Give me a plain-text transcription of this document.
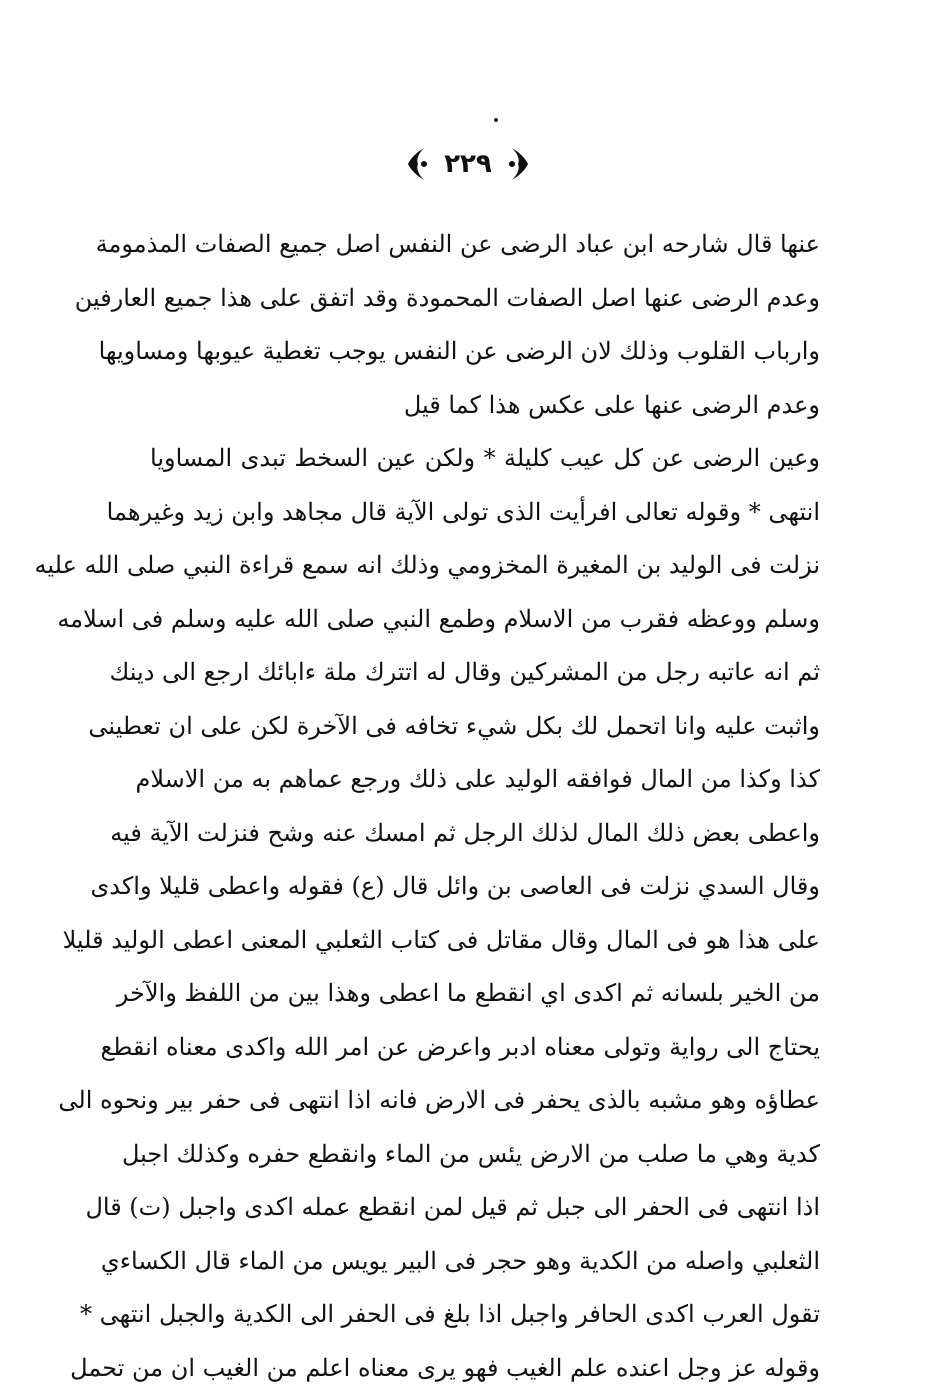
٢٢٩
عنها قال شارحه ابن عباد الرضى عن النفس اصل جميع الصفات المذمومة
وعدم الرضى عنها اصل الصفات المحمودة وقد اتفق على هذا جميع العارفين
وارباب القلوب وذلك لان الرضى عن النفس يوجب تغطية عيوبها ومساويها
وعدم الرضى عنها على عكس هذا كما قيل
وعين الرضى عن كل عيب كليلة * ولكن عين السخط تبدى المساويا
انتهى * وقوله تعالى افرأيت الذى تولى الآية قال مجاهد وابن زيد وغيرهما
نزلت فى الوليد بن المغيرة المخزومي وذلك انه سمع قراءة النبي صلى الله عليه
وسلم ووعظه فقرب من الاسلام وطمع النبي صلى الله عليه وسلم فى اسلامه
ثم انه عاتبه رجل من المشركين وقال له اتترك ملة ءابائك ارجع الى دينك
واثبت عليه وانا اتحمل لك بكل شيء تخافه فى الآخرة لكن على ان تعطينى
كذا وكذا من المال فوافقه الوليد على ذلك ورجع عماهم به من الاسلام
واعطى بعض ذلك المال لذلك الرجل ثم امسك عنه وشح فنزلت الآية فيه
وقال السدي نزلت فى العاصى بن وائل قال (ع) فقوله واعطى قليلا واكدى
على هذا هو فى المال وقال مقاتل فى كتاب الثعلبي المعنى اعطى الوليد قليلا
من الخير بلسانه ثم اكدى اي انقطع ما اعطى وهذا بين من اللفظ والآخر
يحتاج الى رواية وتولى معناه ادبر واعرض عن امر الله واكدى معناه انقطع
عطاؤه وهو مشبه بالذى يحفر فى الارض فانه اذا انتهى فى حفر بير ونحوه الى
كدية وهي ما صلب من الارض يئس من الماء وانقطع حفره وكذلك اجبل
اذا انتهى فى الحفر الى جبل ثم قيل لمن انقطع عمله اكدى واجبل (ت) قال
الثعلبي واصله من الكدية وهو حجر فى البير يويس من الماء قال الكساءي
تقول العرب اكدى الحافر واجبل اذا بلغ فى الحفر الى الكدية والجبل انتهى *
وقوله عز وجل اعنده علم الغيب فهو يرى معناه اعلم من الغيب ان من تحمل
